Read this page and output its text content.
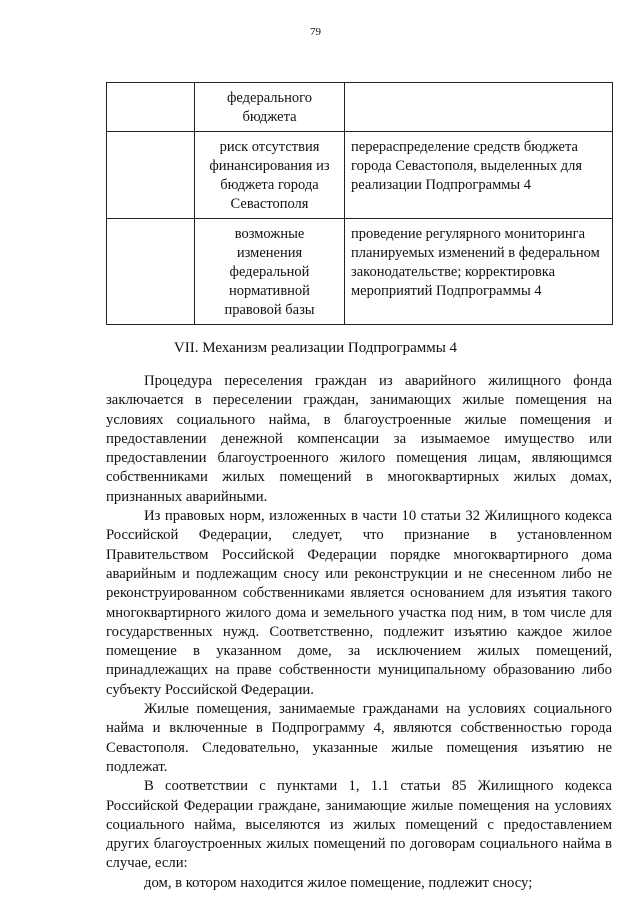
79
	федерального бюджета	
	риск отсутствия финансирования из бюджета города Севастополя	перераспределение средств бюджета города Севастополя, выделенных для реализации Подпрограммы 4
	возможные изменения федеральной нормативной правовой базы	проведение регулярного мониторинга планируемых изменений в федеральном законодательстве; корректировка мероприятий Подпрограммы 4
VII. Механизм реализации Подпрограммы 4

Процедура переселения граждан из аварийного жилищного фонда заключается в переселении граждан, занимающих жилые помещения на условиях социального найма, в благоустроенные жилые помещения и предоставлении денежной компенсации за изымаемое имущество или предоставлении благоустроенного жилого помещения лицам, являющимся собственниками жилых помещений в многоквартирных жилых домах, признанных аварийными.

Из правовых норм, изложенных в части 10 статьи 32 Жилищного кодекса Российской Федерации, следует, что признание в установленном Правительством Российской Федерации порядке многоквартирного дома аварийным и подлежащим сносу или реконструкции и не снесенном либо не реконструированном собственниками является основанием для изъятия такого многоквартирного жилого дома и земельного участка под ним, в том числе для государственных нужд. Соответственно, подлежит изъятию каждое жилое помещение в указанном доме, за исключением жилых помещений, принадлежащих на праве собственности муниципальному образованию либо субъекту Российской Федерации.

Жилые помещения, занимаемые гражданами на условиях социального найма и включенные в Подпрограмму 4, являются собственностью города Севастополя. Следовательно, указанные жилые помещения изъятию не подлежат.

В соответствии с пунктами 1, 1.1 статьи 85 Жилищного кодекса Российской Федерации граждане, занимающие жилые помещения на условиях социального найма, выселяются из жилых помещений с предоставлением других благоустроенных жилых помещений по договорам социального найма в случае, если:

дом, в котором находится жилое помещение, подлежит сносу;
